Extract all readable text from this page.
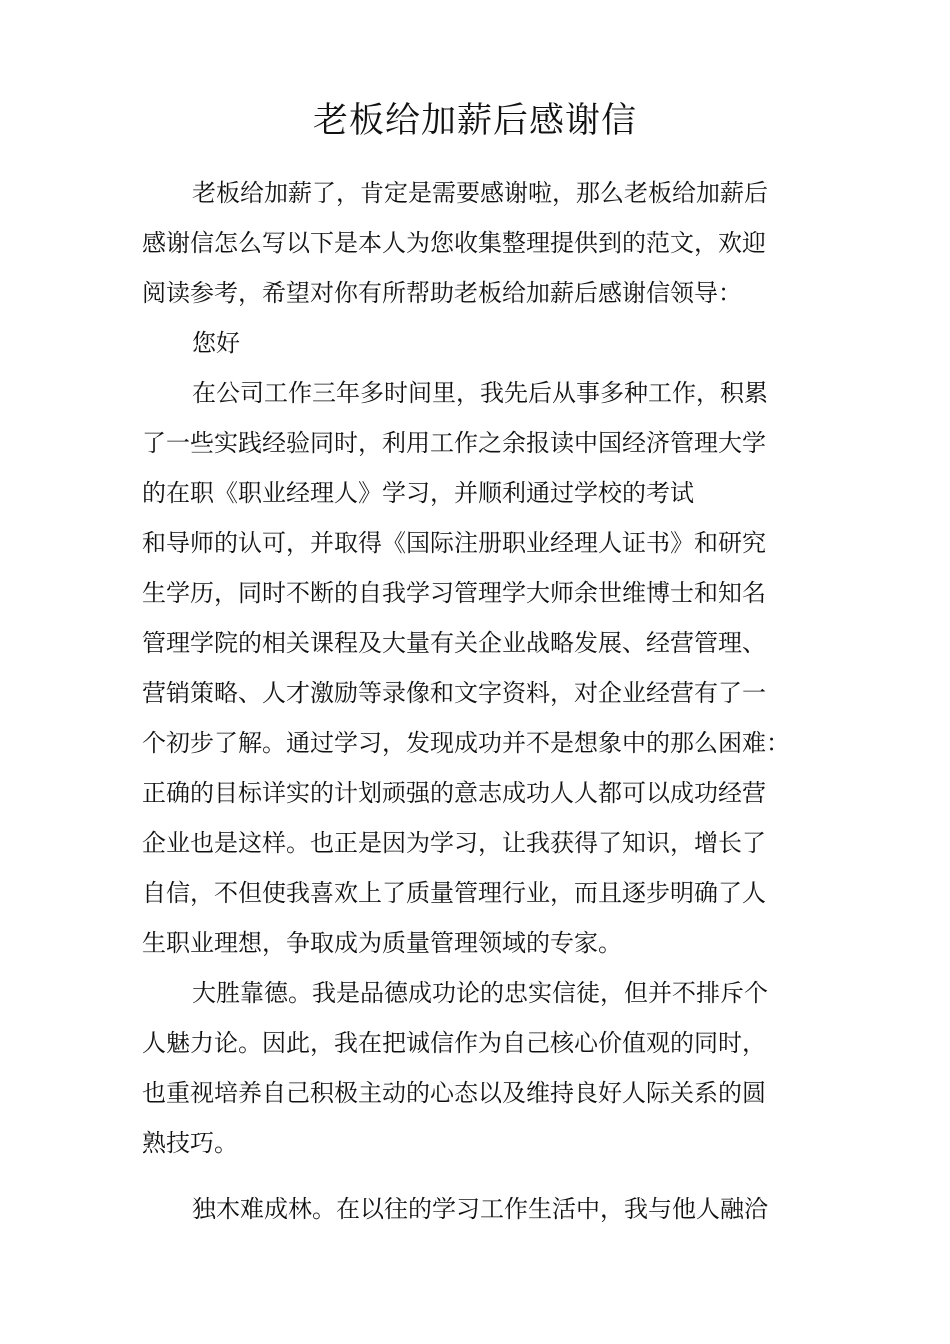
老板给加薪后感谢信

老板给加薪了，肯定是需要感谢啦，那么老板给加薪后

感谢信怎么写以下是本人为您收集整理提供到的范文，欢迎

阅读参考，希望对你有所帮助老板给加薪后感谢信领导：

您好

在公司工作三年多时间里，我先后从事多种工作，积累

了一些实践经验同时，利用工作之余报读中国经济管理大学

的在职《职业经理人》学习，并顺利通过学校的考试

和导师的认可，并取得《国际注册职业经理人证书》和研究

生学历，同时不断的自我学习管理学大师余世维博士和知名

管理学院的相关课程及大量有关企业战略发展、经营管理、

营销策略、人才激励等录像和文字资料，对企业经营有了一

个初步了解。通过学习，发现成功并不是想象中的那么困难：

正确的目标详实的计划顽强的意志成功人人都可以成功经营

企业也是这样。也正是因为学习，让我获得了知识，增长了

自信，不但使我喜欢上了质量管理行业，而且逐步明确了人

生职业理想，争取成为质量管理领域的专家。

大胜靠德。我是品德成功论的忠实信徒，但并不排斥个

人魅力论。因此，我在把诚信作为自己核心价值观的同时，

也重视培养自己积极主动的心态以及维持良好人际关系的圆

熟技巧。

独木难成林。在以往的学习工作生活中，我与他人融洽
